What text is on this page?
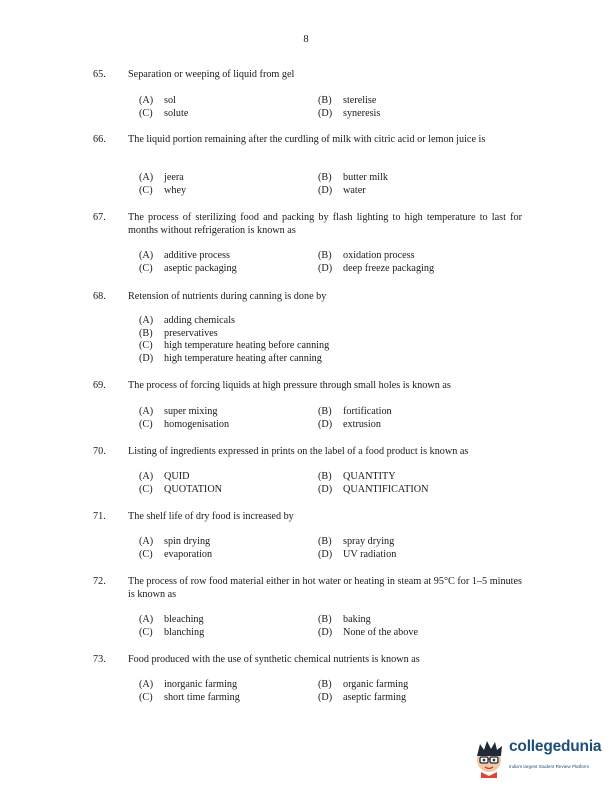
8
65. Separation or weeping of liquid from gel
(A) sol	(B) sterelise
(C) solute	(D) syneresis
66. The liquid portion remaining after the curdling of milk with citric acid or lemon juice is
(A) jeera	(B) butter milk
(C) whey	(D) water
67. The process of sterilizing food and packing by flash lighting to high temperature to last for months without refrigeration is known as
(A) additive process	(B) oxidation process
(C) aseptic packaging	(D) deep freeze packaging
68. Retension of nutrients during canning is done by
(A) adding chemicals
(B) preservatives
(C) high temperature heating before canning
(D) high temperature heating after canning
69. The process of forcing liquids at high pressure through small holes is known as
(A) super mixing	(B) fortification
(C) homogenisation	(D) extrusion
70. Listing of ingredients expressed in prints on the label of a food product is known as
(A) QUID	(B) QUANTITY
(C) QUOTATION	(D) QUANTIFICATION
71. The shelf life of dry food is increased by
(A) spin drying	(B) spray drying
(C) evaporation	(D) UV radiation
72. The process of row food material either in hot water or heating in steam at 95°C for 1–5 minutes is known as
(A) bleaching	(B) baking
(C) blanching	(D) None of the above
73. Food produced with the use of synthetic chemical nutrients is known as
(A) inorganic farming	(B) organic farming
(C) short time farming	(D) aseptic farming
collegedunia
India's largest Student Review Platform
